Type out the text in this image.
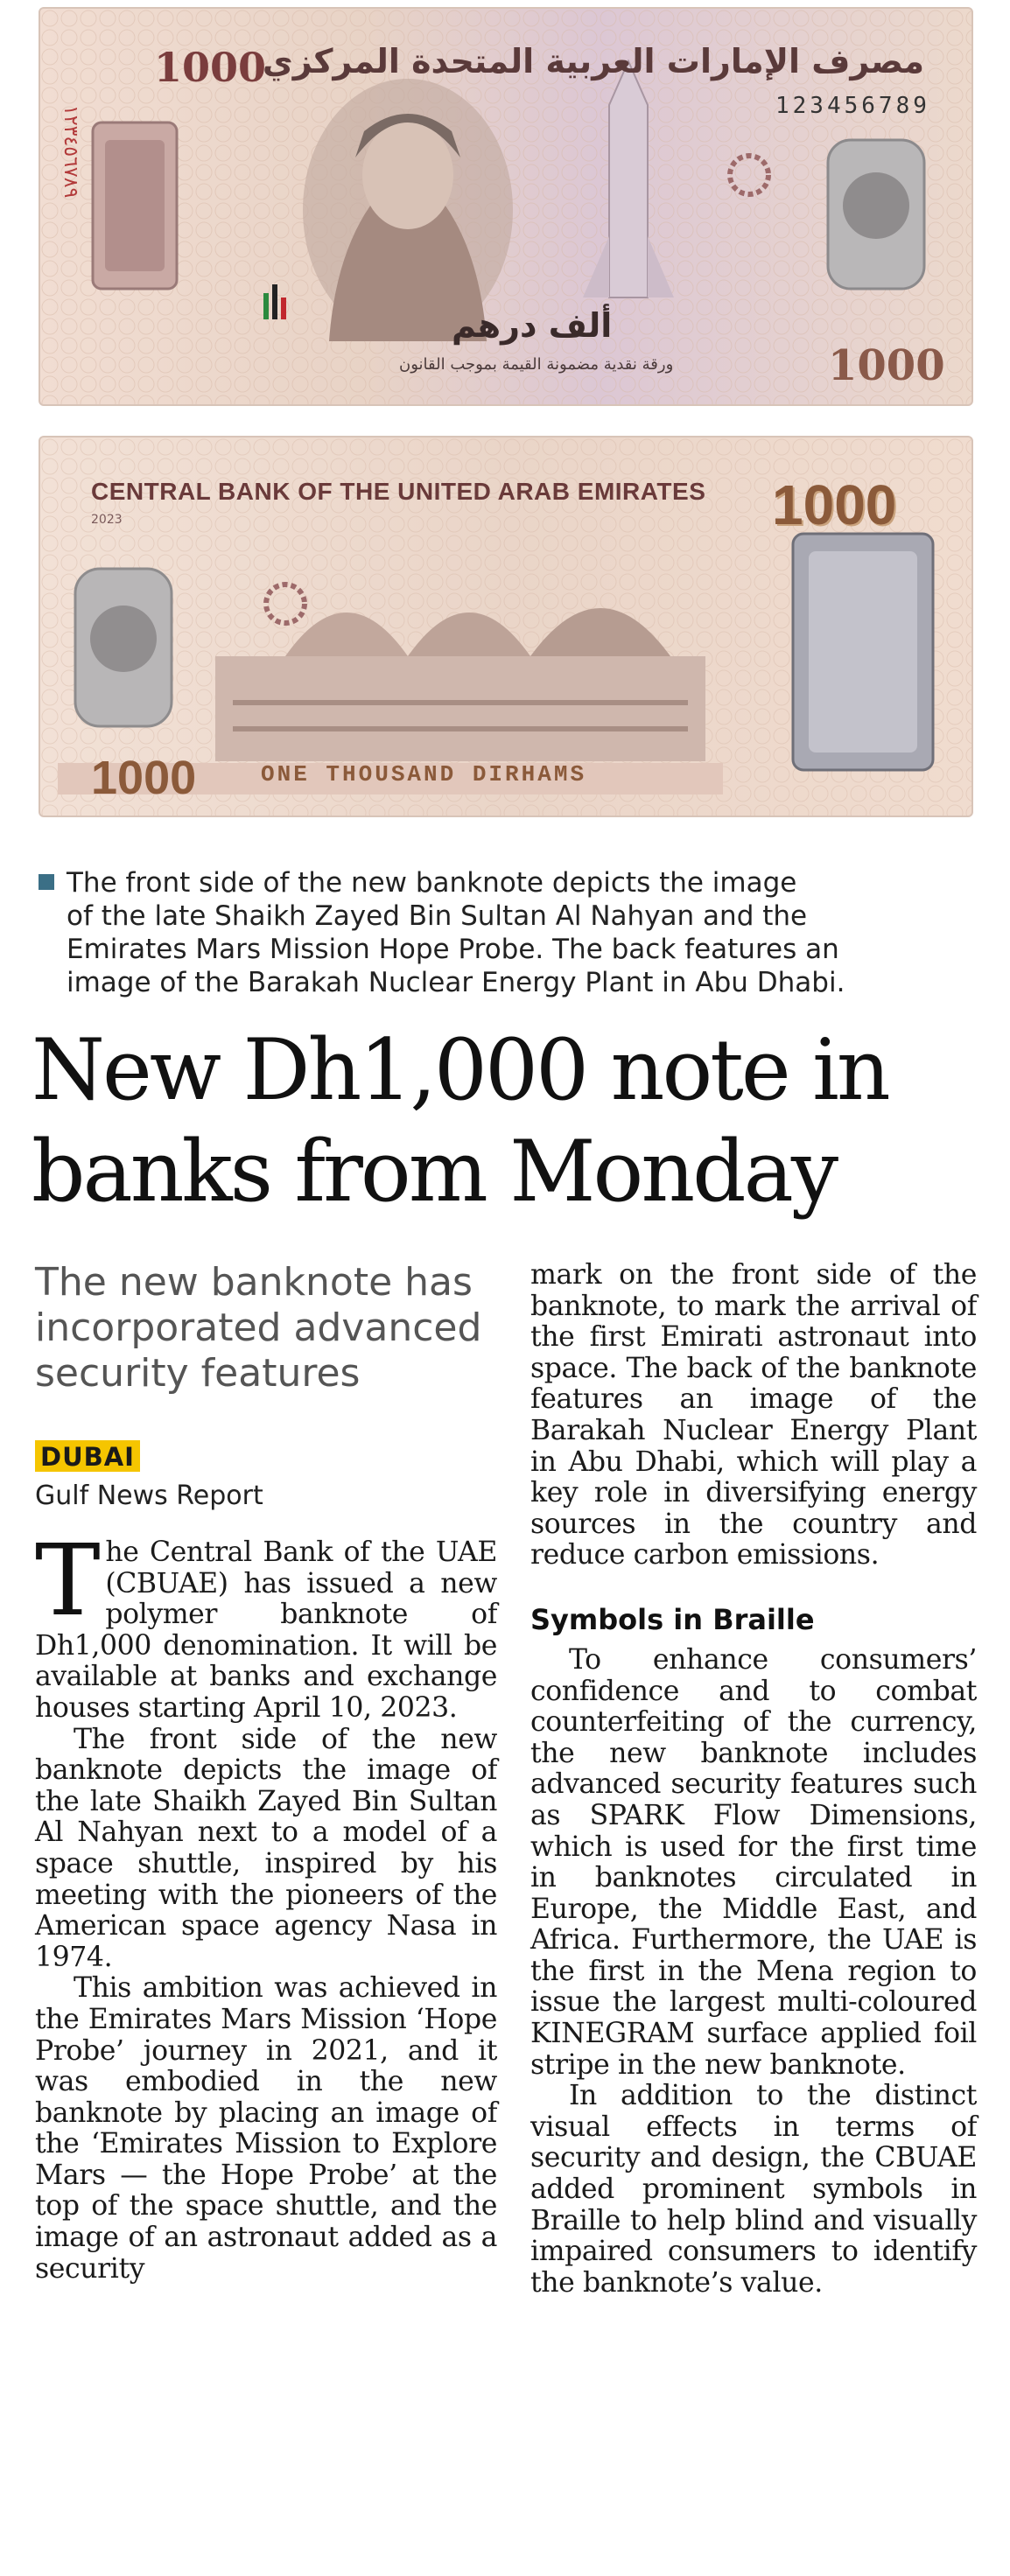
1000
مصرف الإمارات العربية المتحدة المركزي
123456789
١٢٣٤٥٦٧٨٩
ألف درهم
ورقة نقدية مضمونة القيمة بموجب القانون	1000
CENTRAL BANK OF THE UNITED ARAB EMIRATES
2023	1000
1000	ONE THOUSAND DIRHAMS

The front side of the new banknote depicts the image

of the late Shaikh Zayed Bin Sultan Al Nahyan and the

Emirates Mars Mission Hope Probe. The back features an

image of the Barakah Nuclear Energy Plant in Abu Dhabi.

New Dh1,000 note in
banks from Monday
The new banknote has incorporated advanced security features
DUBAI
Gulf News Report

The Central Bank of the UAE (CBUAE) has issued a new polymer banknote of Dh1,000 denomination. It will be available at banks and exchange houses starting April 10, 2023.

The front side of the new banknote depicts the image of the late Shaikh Zayed Bin Sultan Al Nahyan next to a model of a space shuttle, inspired by his meeting with the pioneers of the American space agency Nasa in 1974.

This ambition was achieved in the Emirates Mars Mission ‘Hope Probe’ journey in 2021, and it was embodied in the new banknote by placing an image of the ‘Emirates Mission to Explore Mars — the Hope Probe’ at the top of the space shuttle, and the image of an astronaut added as a security

mark on the front side of the banknote, to mark the arrival of the first Emirati astronaut into space. The back of the banknote features an image of the Barakah Nuclear Energy Plant in Abu Dhabi, which will play a key role in diversifying energy sources in the country and reduce carbon emissions.

Symbols in Braille

To enhance consumers’ confidence and to combat counterfeiting of the currency, the new banknote includes advanced security features such as SPARK Flow Dimensions, which is used for the first time in banknotes circulated in Europe, the Middle East, and Africa. Furthermore, the UAE is the first in the Mena region to issue the largest multi-coloured KINEGRAM surface applied foil stripe in the new banknote.

In addition to the distinct visual effects in terms of security and design, the CBUAE added prominent symbols in Braille to help blind and visually impaired consumers to identify the banknote’s value.
